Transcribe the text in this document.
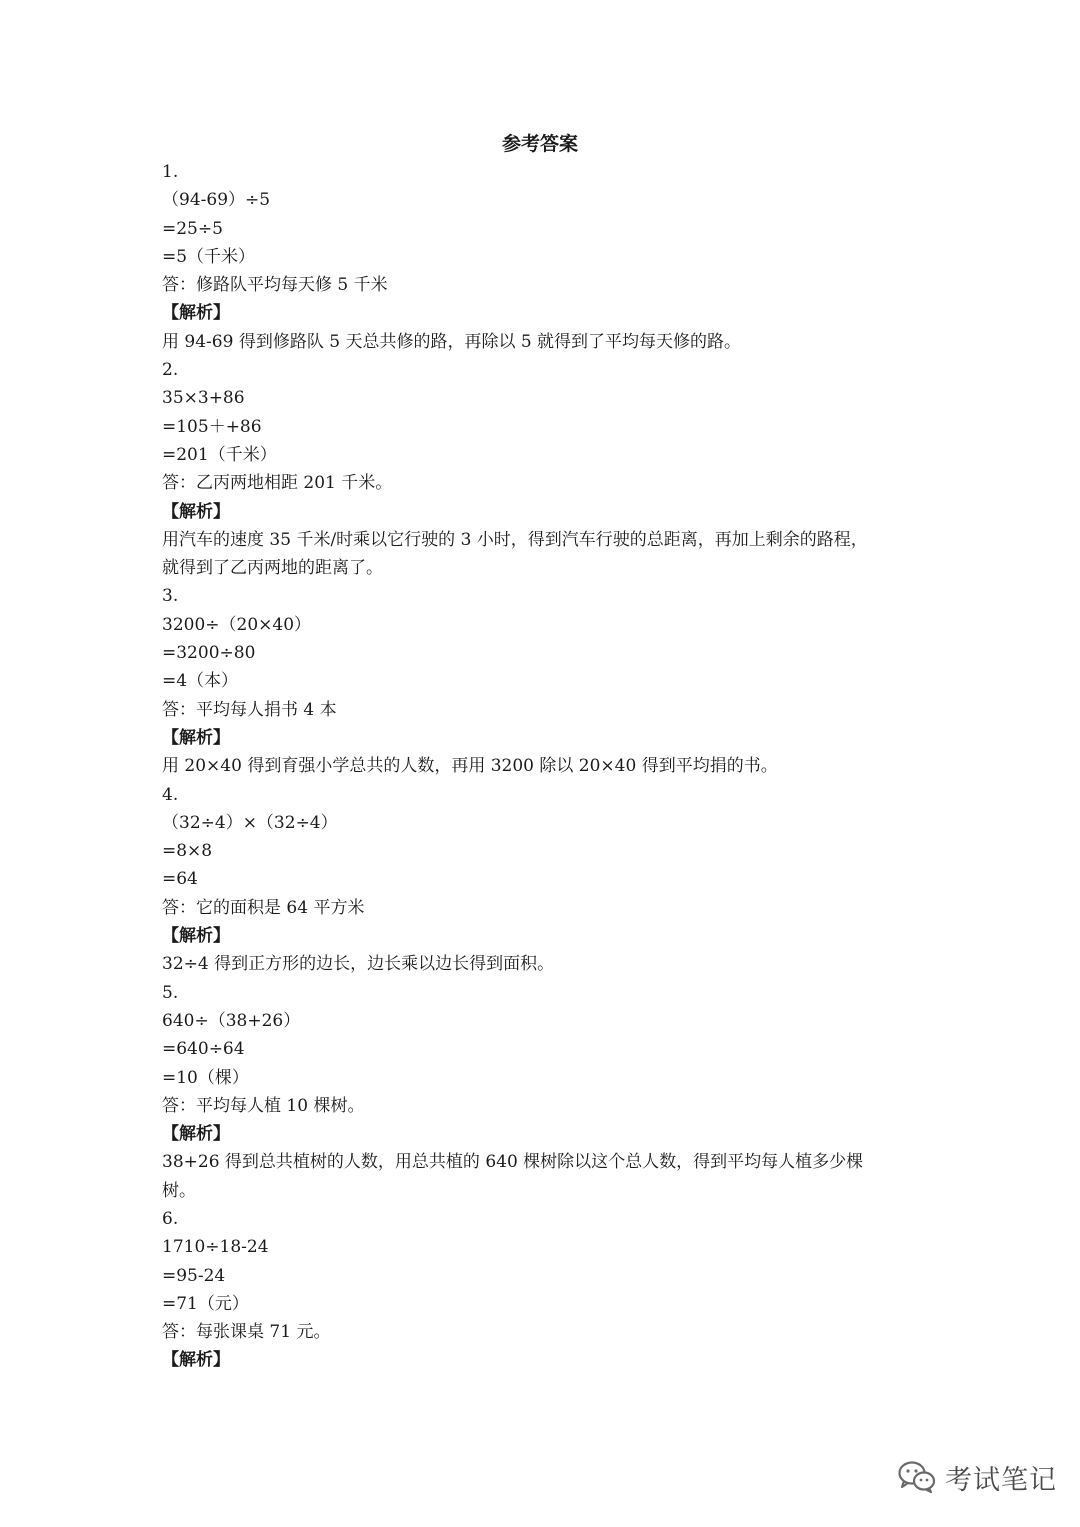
参考答案
1.
（94-69）÷5
=25÷5
=5（千米）
答：修路队平均每天修 5 千米
【解析】
用 94-69 得到修路队 5 天总共修的路，再除以 5 就得到了平均每天修的路。
2.
35×3+86
=105＋+86
=201（千米）
答：乙丙两地相距 201 千米。
【解析】
用汽车的速度 35 千米/时乘以它行驶的 3 小时，得到汽车行驶的总距离，再加上剩余的路程，
就得到了乙丙两地的距离了。
3.
3200÷（20×40）
=3200÷80
=4（本）
答：平均每人捐书 4 本
【解析】
用 20×40 得到育强小学总共的人数，再用 3200 除以 20×40 得到平均捐的书。
4.
（32÷4）×（32÷4）
=8×8
=64
答：它的面积是 64 平方米
【解析】
32÷4 得到正方形的边长，边长乘以边长得到面积。
5.
640÷（38+26）
=640÷64
=10（棵）
答：平均每人植 10 棵树。
【解析】
38+26 得到总共植树的人数，用总共植的 640 棵树除以这个总人数，得到平均每人植多少棵
树。
6.
1710÷18-24
=95-24
=71（元）
答：每张课桌 71 元。
【解析】
考试笔记
